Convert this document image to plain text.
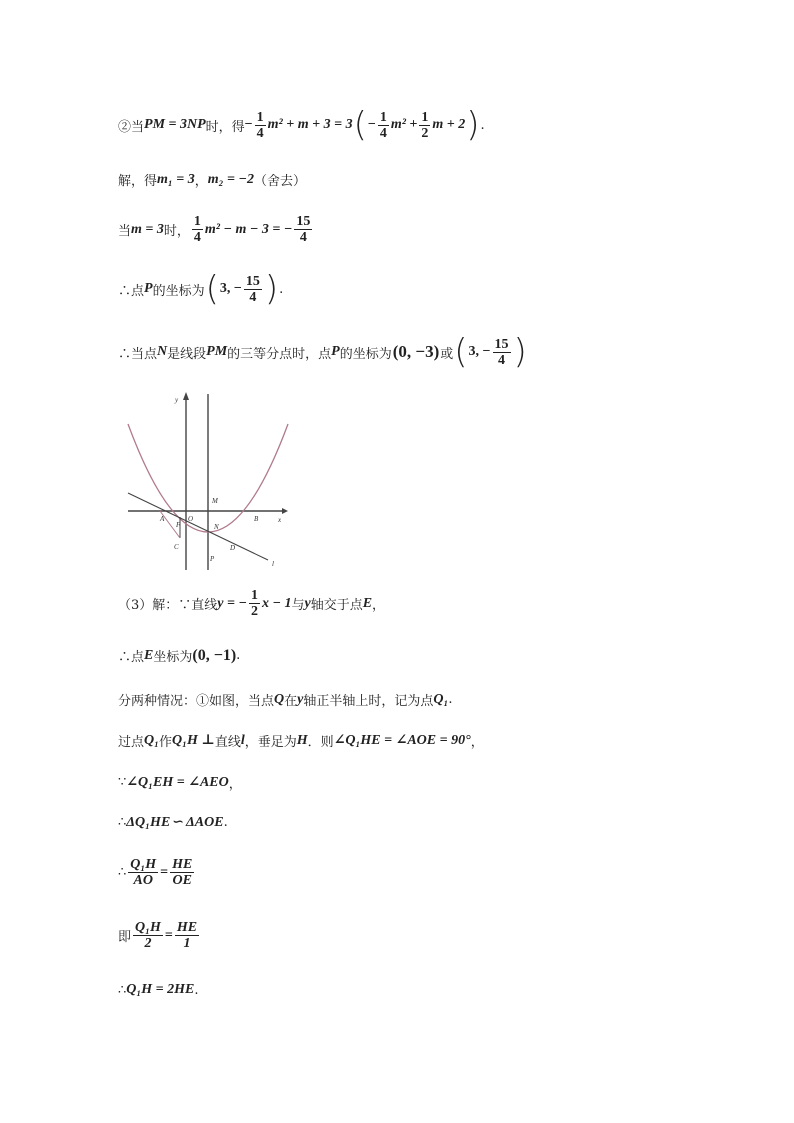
②当 PM = 3NP 时，得 − $\frac{1}{4} m^2 + m + 3 = 3$ ( − $\frac{1}{4} m^2 + \frac{1}{2}$ m + 2 ) .
解，得 m₁ = 3 ， m₂ = −2 （舍去）
当 m = 3 时， $\frac{1}{4} m^2 - m - 3$ = − $\frac{15}{4}$
∴点 P 的坐标为 ( 3, − $\frac{15}{4}$ ) .
∴当点 N 是线段 PM 的三等分点时，点 P 的坐标为 (0, −3) 或 ( 3, − $\frac{15}{4}$ )
y
x
M
A	O	B
F	N
C	D
P
l
（3）解：∵直线 y = − $\frac{1}{2}$ x − 1 与 y 轴交于点 E ，
∴点 E 坐标为 (0, −1) .
分两种情况：①如图，当点 Q 在 y 轴正半轴上时，记为点 Q₁ .
过点 Q₁ 作 Q₁H ⊥ 直线 l ，垂足为 H ．则 ∠Q₁HE = ∠AOE = 90° ，
∵ ∠Q₁EH = ∠AEO ，
∴ ΔQ₁HE ∽ ΔAOE .
∴ $\frac{\text{Q₁H}}{AO} = \frac{HE}{OE}$
即 $\frac{\text{Q₁H}}{2} = \frac{HE}{1}$
∴ Q₁H = 2HE .
